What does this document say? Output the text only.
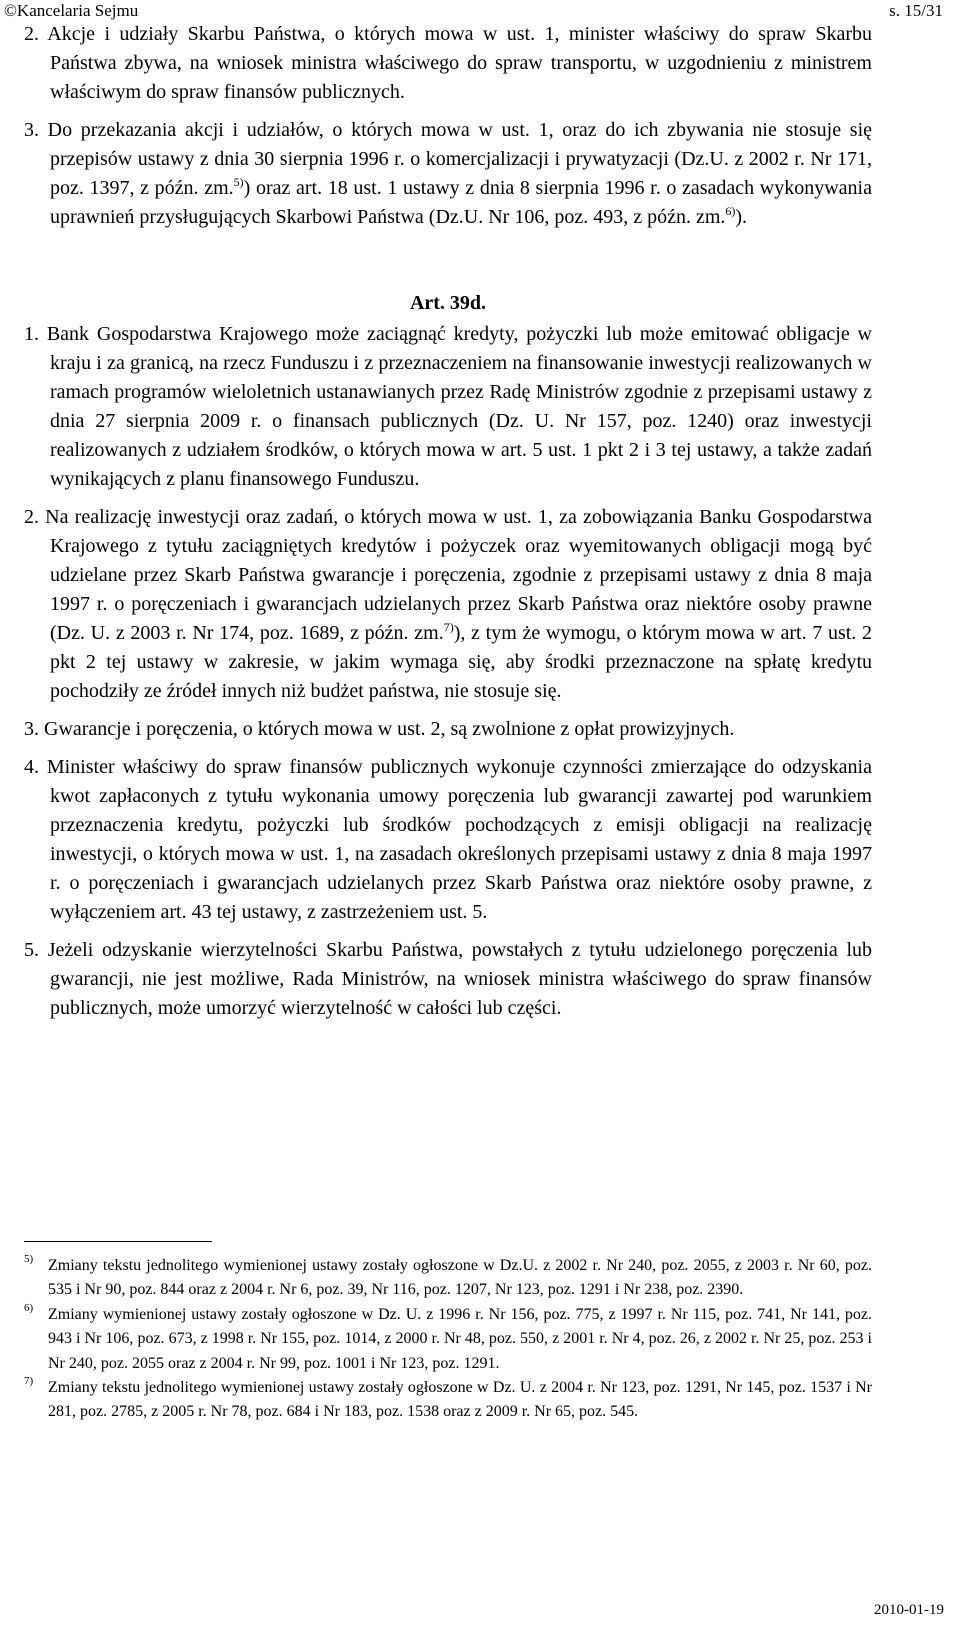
©Kancelaria Sejmu	s. 15/31

2. Akcje i udziały Skarbu Państwa, o których mowa w ust. 1, minister właściwy do spraw Skarbu Państwa zbywa, na wniosek ministra właściwego do spraw transportu, w uzgodnieniu z ministrem właściwym do spraw finansów publicznych.

3. Do przekazania akcji i udziałów, o których mowa w ust. 1, oraz do ich zbywania nie stosuje się przepisów ustawy z dnia 30 sierpnia 1996 r. o komercjalizacji i prywatyzacji (Dz.U. z 2002 r. Nr 171, poz. 1397, z późn. zm.$^{5)}$) oraz art. 18 ust. 1 ustawy z dnia 8 sierpnia 1996 r. o zasadach wykonywania uprawnień przysługujących Skarbowi Państwa (Dz.U. Nr 106, poz. 493, z późn. zm.$^{6)}$).

Art. 39d.

1. Bank Gospodarstwa Krajowego może zaciągnąć kredyty, pożyczki lub może emitować obligacje w kraju i za granicą, na rzecz Funduszu i z przeznaczeniem na finansowanie inwestycji realizowanych w ramach programów wieloletnich ustanawianych przez Radę Ministrów zgodnie z przepisami ustawy z dnia 27 sierpnia 2009 r. o finansach publicznych (Dz. U. Nr 157, poz. 1240) oraz inwestycji realizowanych z udziałem środków, o których mowa w art. 5 ust. 1 pkt 2 i 3 tej ustawy, a także zadań wynikających z planu finansowego Funduszu.

2. Na realizację inwestycji oraz zadań, o których mowa w ust. 1, za zobowiązania Banku Gospodarstwa Krajowego z tytułu zaciągniętych kredytów i pożyczek oraz wyemitowanych obligacji mogą być udzielane przez Skarb Państwa gwarancje i poręczenia, zgodnie z przepisami ustawy z dnia 8 maja 1997 r. o poręczeniach i gwarancjach udzielanych przez Skarb Państwa oraz niektóre osoby prawne (Dz. U. z 2003 r. Nr 174, poz. 1689, z późn. zm.$^{7)}$), z tym że wymogu, o którym mowa w art. 7 ust. 2 pkt 2 tej ustawy w zakresie, w jakim wymaga się, aby środki przeznaczone na spłatę kredytu pochodziły ze źródeł innych niż budżet państwa, nie stosuje się.

3. Gwarancje i poręczenia, o których mowa w ust. 2, są zwolnione z opłat prowizyjnych.

4. Minister właściwy do spraw finansów publicznych wykonuje czynności zmierzające do odzyskania kwot zapłaconych z tytułu wykonania umowy poręczenia lub gwarancji zawartej pod warunkiem przeznaczenia kredytu, pożyczki lub środków pochodzących z emisji obligacji na realizację inwestycji, o których mowa w ust. 1, na zasadach określonych przepisami ustawy z dnia 8 maja 1997 r. o poręczeniach i gwarancjach udzielanych przez Skarb Państwa oraz niektóre osoby prawne, z wyłączeniem art. 43 tej ustawy, z zastrzeżeniem ust. 5.

5. Jeżeli odzyskanie wierzytelności Skarbu Państwa, powstałych z tytułu udzielonego poręczenia lub gwarancji, nie jest możliwe, Rada Ministrów, na wniosek ministra właściwego do spraw finansów publicznych, może umorzyć wierzytelność w całości lub części.

5) Zmiany tekstu jednolitego wymienionej ustawy zostały ogłoszone w Dz.U. z 2002 r. Nr 240, poz. 2055, z 2003 r. Nr 60, poz. 535 i Nr 90, poz. 844 oraz z 2004 r. Nr 6, poz. 39, Nr 116, poz. 1207, Nr 123, poz. 1291 i Nr 238, poz. 2390.

6) Zmiany wymienionej ustawy zostały ogłoszone w Dz. U. z 1996 r. Nr 156, poz. 775, z 1997 r. Nr 115, poz. 741, Nr 141, poz. 943 i Nr 106, poz. 673, z 1998 r. Nr 155, poz. 1014, z 2000 r. Nr 48, poz. 550, z 2001 r. Nr 4, poz. 26, z 2002 r. Nr 25, poz. 253 i Nr 240, poz. 2055 oraz z 2004 r. Nr 99, poz. 1001 i Nr 123, poz. 1291.

7) Zmiany tekstu jednolitego wymienionej ustawy zostały ogłoszone w Dz. U. z 2004 r. Nr 123, poz. 1291, Nr 145, poz. 1537 i Nr 281, poz. 2785, z 2005 r. Nr 78, poz. 684 i Nr 183, poz. 1538 oraz z 2009 r. Nr 65, poz. 545.

2010-01-19
